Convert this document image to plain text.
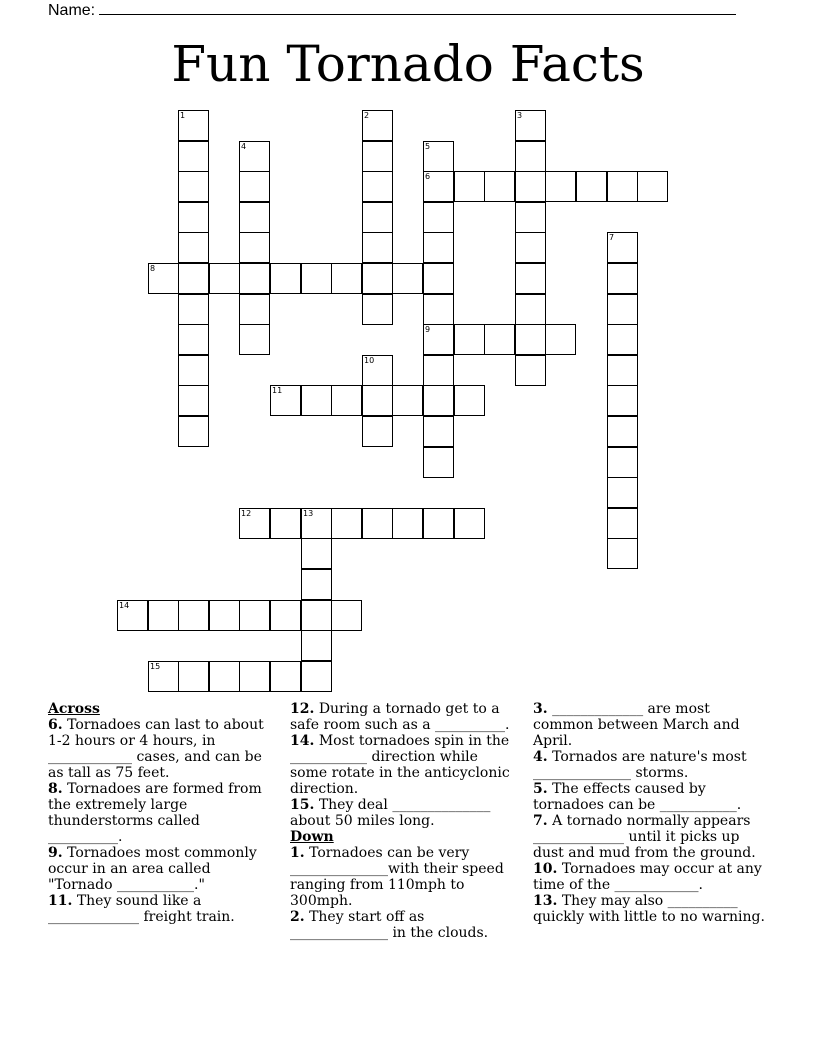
Name:
Fun Tornado Facts
1	2	3
4	5
6
9
7
8
10
11
12	13
14
15

Across

6. Tornadoes can last to about 1-2 hours or 4 hours, in ____________ cases, and can be as tall as 75 feet.

8. Tornadoes are formed from the extremely large thunderstorms called __________.

9. Tornadoes most commonly occur in an area called "Tornado ___________."

11. They sound like a _____________ freight train.

12. During a tornado get to a safe room such as a __________.

14. Most tornadoes spin in the ___________ direction while some rotate in the anticyclonic direction.

15. They deal ______________ about 50 miles long.

Down

1. Tornadoes can be very ______________with their speed ranging from 110mph to 300mph.

2. They start off as ______________ in the clouds.

3. _____________ are most common between March and April.

4. Tornados are nature's most ______________ storms.

5. The effects caused by tornadoes can be ___________.

7. A tornado normally appears _____________ until it picks up dust and mud from the ground.

10. Tornadoes may occur at any time of the ____________.

13. They may also __________ quickly with little to no warning.
